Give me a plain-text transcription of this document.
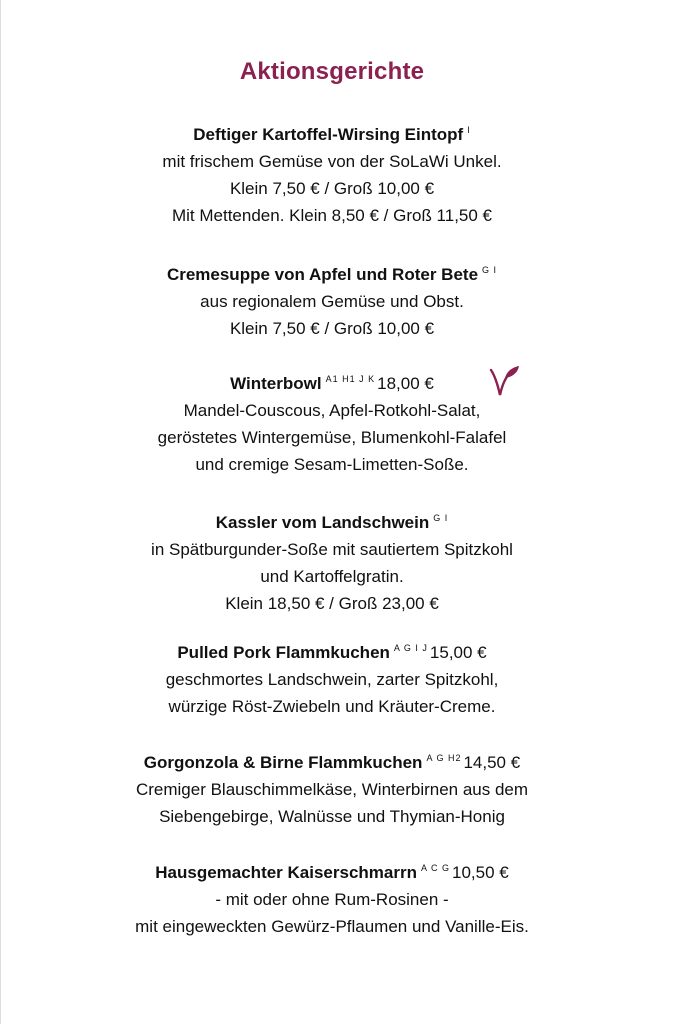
Aktionsgerichte
Deftiger Kartoffel-Wirsing Eintopf $^I$
mit frischem Gemüse von der SoLaWi Unkel.
Klein 7,50 € / Groß 10,00 €
Mit Mettenden. Klein 8,50 € / Groß 11,50 €
Cremesuppe von Apfel und Roter Bete $^{G I}$
aus regionalem Gemüse und Obst.
Klein 7,50 € / Groß 10,00 €
Winterbowl $^{A1 H1 J K}$ 18,00 €
Mandel-Couscous, Apfel-Rotkohl-Salat,
geröstetes Wintergemüse, Blumenkohl-Falafel
und cremige Sesam-Limetten-Soße.
Kassler vom Landschwein $^{G I}$
in Spätburgunder-Soße mit sautiertem Spitzkohl
und Kartoffelgratin.
Klein 18,50 € / Groß 23,00 €
Pulled Pork Flammkuchen $^{A G I J}$ 15,00 €
geschmortes Landschwein, zarter Spitzkohl,
würzige Röst-Zwiebeln und Kräuter-Creme.
Gorgonzola & Birne Flammkuchen $^{A G H2}$ 14,50 €
Cremiger Blauschimmelkäse, Winterbirnen aus dem
Siebengebirge, Walnüsse und Thymian-Honig
Hausgemachter Kaiserschmarrn $^{A C G}$ 10,50 €
- mit oder ohne Rum-Rosinen -
mit eingeweckten Gewürz-Pflaumen und Vanille-Eis.
